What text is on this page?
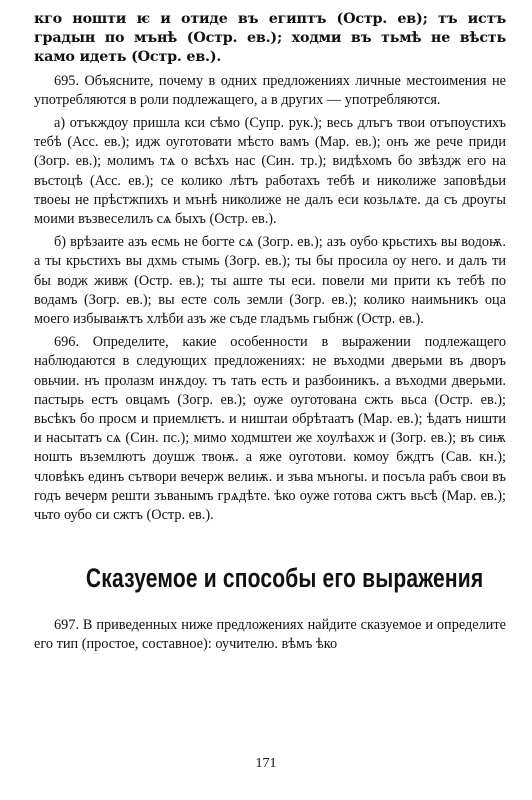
кго ношти ѥ и отиде въ египтъ (Остр. ев); тъ истъ градын по мънѣ (Остр. ев.); ходми въ тьмѣ не вѣсть камо идеть (Остр. ев.).

695. Объясните, почему в одних предложениях личные местоимения не употребляются в роли подлежащего, а в других — употребляются.

а) отъкждоу пришла кси сѣмо (Супр. рук.); весь длъгъ твои отъпоустихъ тебѣ (Асс. ев.); идж оуготовати мѣсто вамъ (Мар. ев.); онъ же рече приди (Зогр. ев.); молимъ тѧ о всѣхъ нас (Син. тр.); видѣхомъ бо звѣздж его на въстоцѣ (Асс. ев.); се колико лѣтъ работахъ тебѣ и николиже заповѣдьи твоеы не прѣстжпихъ и мънѣ николиже не далъ еси козьлѧте. да съ дроугы моими възвеселилъ сѧ быхъ (Остр. ев.).

б) врѣзаите азъ есмь не богте сѧ (Зогр. ев.); азъ оубо крьстихъ вы водоѭ. а ты крьстихъ вы дхмь стымь (Зогр. ев.); ты бы просила оу него. и далъ ти бы водж живж (Остр. ев.); ты аште ты еси. повели ми прити къ тебѣ по водамъ (Зогр. ев.); вы есте соль земли (Зогр. ев.); колико наимьникъ оца моего избываѭтъ хлѣби азъ же съде гладъмь гыбнж (Остр. ев.).

696. Определите, какие особенности в выражении подлежащего наблюдаются в следующих предложениях: не въходми дверьми въ дворъ овьчии. нъ пролазм инѫдоу. тъ тать есть и разбоиникъ. а въходми дверьми. пастырь естъ овцамъ (Зогр. ев.); оуже оуготована сжть вьса (Остр. ев.); вьсѣкъ бо просм и приемлѥтъ. и ништаи обрѣтаатъ (Мар. ев.); ѣдатъ ништи и насытатъ сѧ (Син. пс.); мимо ходмштеи же хоулѣахж и (Зогр. ев.); въ сиѭ ношть въземлютъ доушж твоѭ. а яже оуготови. комоу бждтъ (Сав. кн.); чловѣкъ единъ сътвори вечерж велиѭ. и зъва мъногы. и посъла рабъ свои въ годъ вечерм решти зъванымъ грѧдѣте. ѣко оуже готова сжтъ вьсѣ (Мар. ев.); чьто оубо си сжтъ (Остр. ев.).

Сказуемое и способы его выражения

697. В приведенных ниже предложениях найдите сказуемое и определите его тип (простое, составное): оучителю. вѣмъ ѣко

171
